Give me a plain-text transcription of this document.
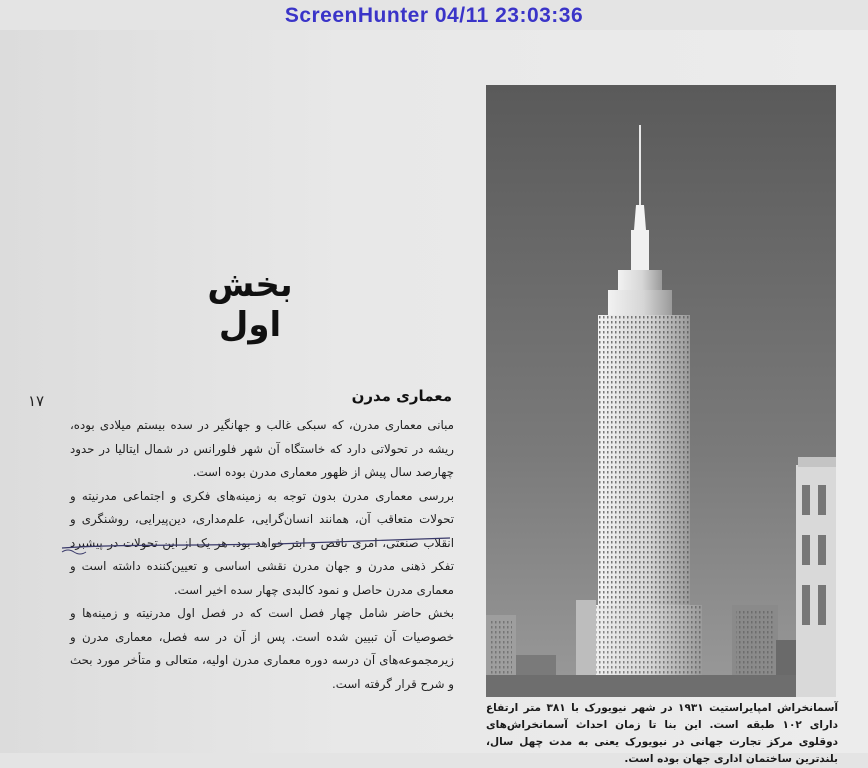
بخش اول
۱۷	معماری مدرن

مبانی معماری مدرن، که سبکی غالب و جهانگیر در سده بیستم میلادی بوده، ریشه در تحولاتی دارد که خاستگاه آن شهر فلورانس در شمال ایتالیا در حدود چهارصد سال پیش از ظهور معماری مدرن بوده است.

بررسی معماری مدرن بدون توجه به زمینه‌های فکری و اجتماعی مدرنیته و تحولات متعاقب آن، همانند انسان‌گرایی، علم‌مداری، دین‌پیرایی، روشنگری و انقلاب صنعتی، امری ناقص و ابتر خواهد بود. هر یک از این تحولات در پیشبرد تفکر ذهنی مدرن و جهان مدرن نقشی اساسی و تعیین‌کننده داشته است و معماری مدرن حاصل و نمود کالبدی چهار سده اخیر است.

بخش حاضر شامل چهار فصل است که در فصل اول مدرنیته و زمینه‌ها و خصوصیات آن تبیین شده است. پس از آن در سه فصل، معماری مدرن و زیرمجموعه‌های آن درسه دوره معماری مدرن اولیه، متعالی و متأخر مورد بحث و شرح قرار گرفته است.

آسمانخراش امپایراستیت ۱۹۳۱ در شهر نیویورک با ۳۸۱ متر ارتفاع دارای ۱۰۲ طبقه است. این بنا تا زمان احداث آسمانخراش‌های دوقلوی مرکز تجارت جهانی در نیویورک یعنی به مدت چهل سال، بلندترین ساختمان اداری جهان بوده است.
ScreenHunter 04/11 23:03:36
